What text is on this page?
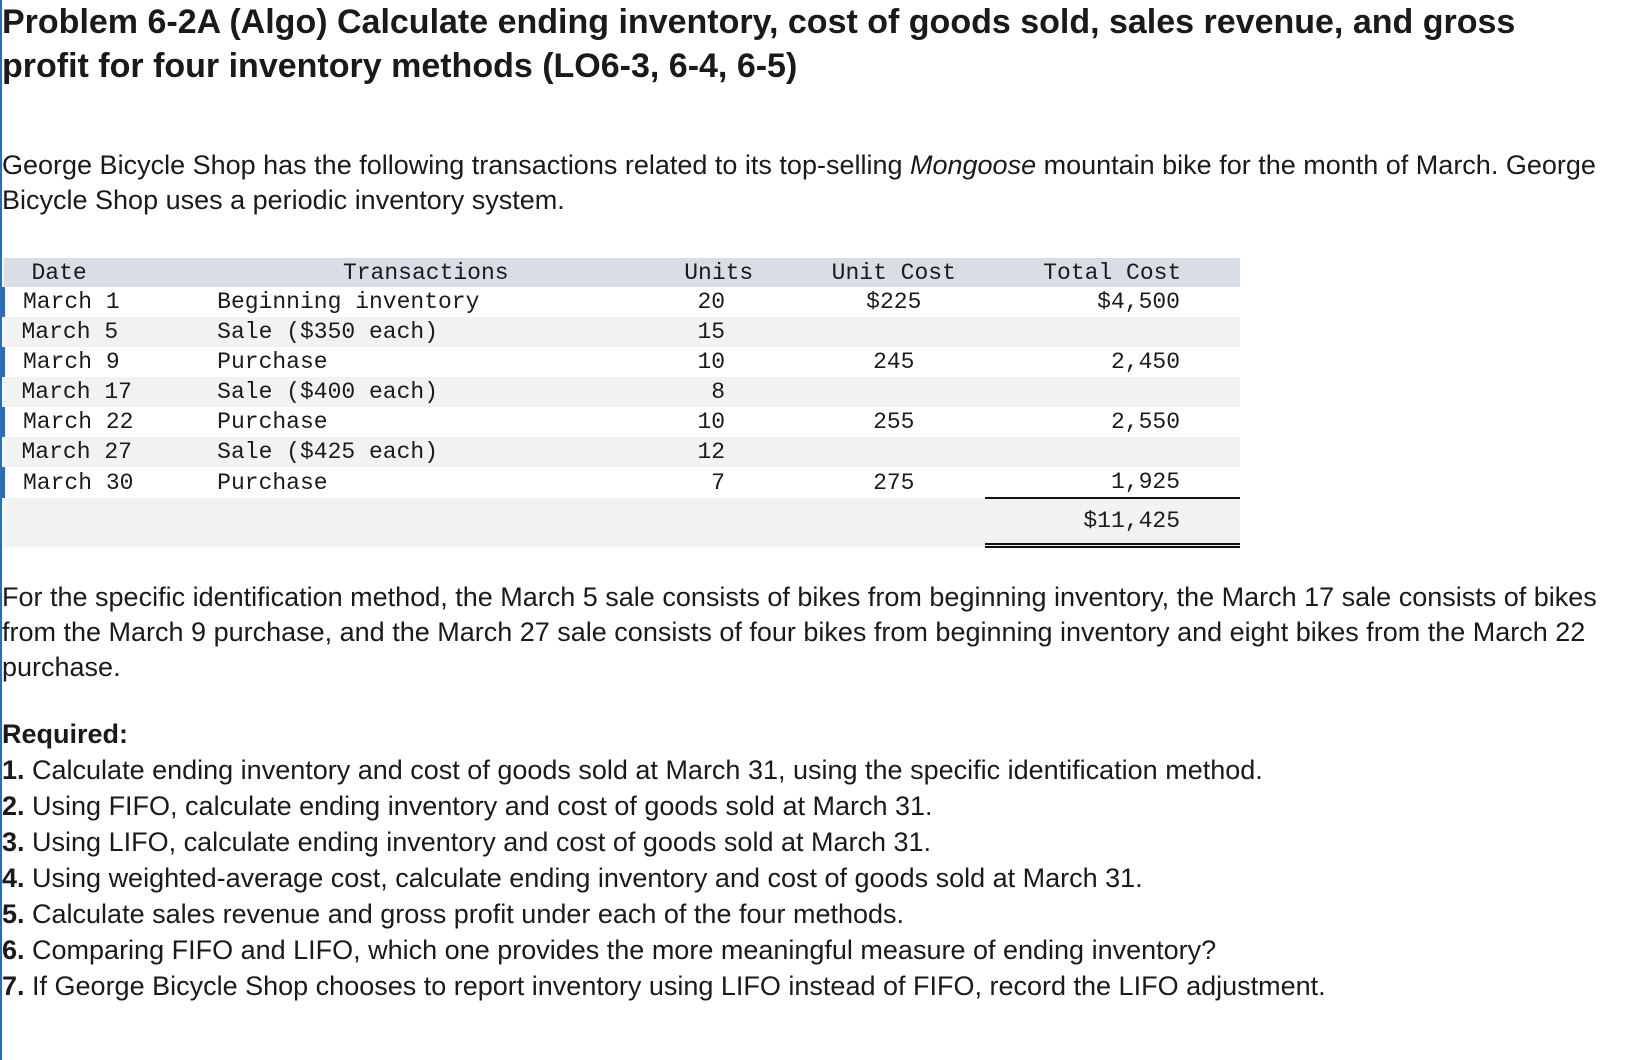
Problem 6-2A (Algo) Calculate ending inventory, cost of goods sold, sales revenue, and gross profit for four inventory methods (LO6-3, 6-4, 6-5)

George Bicycle Shop has the following transactions related to its top-selling Mongoose mountain bike for the month of March. George Bicycle Shop uses a periodic inventory system.

Date	Transactions	Units	Unit Cost	Total Cost
March 1	Beginning inventory	20	$225	$4,500
March 5	Sale ($350 each)	15		
March 9	Purchase	10	245	2,450
March 17	Sale ($400 each)	8		
March 22	Purchase	10	255	2,550
March 27	Sale ($425 each)	12		
March 30	Purchase	7	275	1,925
				$11,425

For the specific identification method, the March 5 sale consists of bikes from beginning inventory, the March 17 sale consists of bikes from the March 9 purchase, and the March 27 sale consists of four bikes from beginning inventory and eight bikes from the March 22 purchase.

Required:
1. Calculate ending inventory and cost of goods sold at March 31, using the specific identification method.
2. Using FIFO, calculate ending inventory and cost of goods sold at March 31.
3. Using LIFO, calculate ending inventory and cost of goods sold at March 31.
4. Using weighted-average cost, calculate ending inventory and cost of goods sold at March 31.
5. Calculate sales revenue and gross profit under each of the four methods.
6. Comparing FIFO and LIFO, which one provides the more meaningful measure of ending inventory?
7. If George Bicycle Shop chooses to report inventory using LIFO instead of FIFO, record the LIFO adjustment.
